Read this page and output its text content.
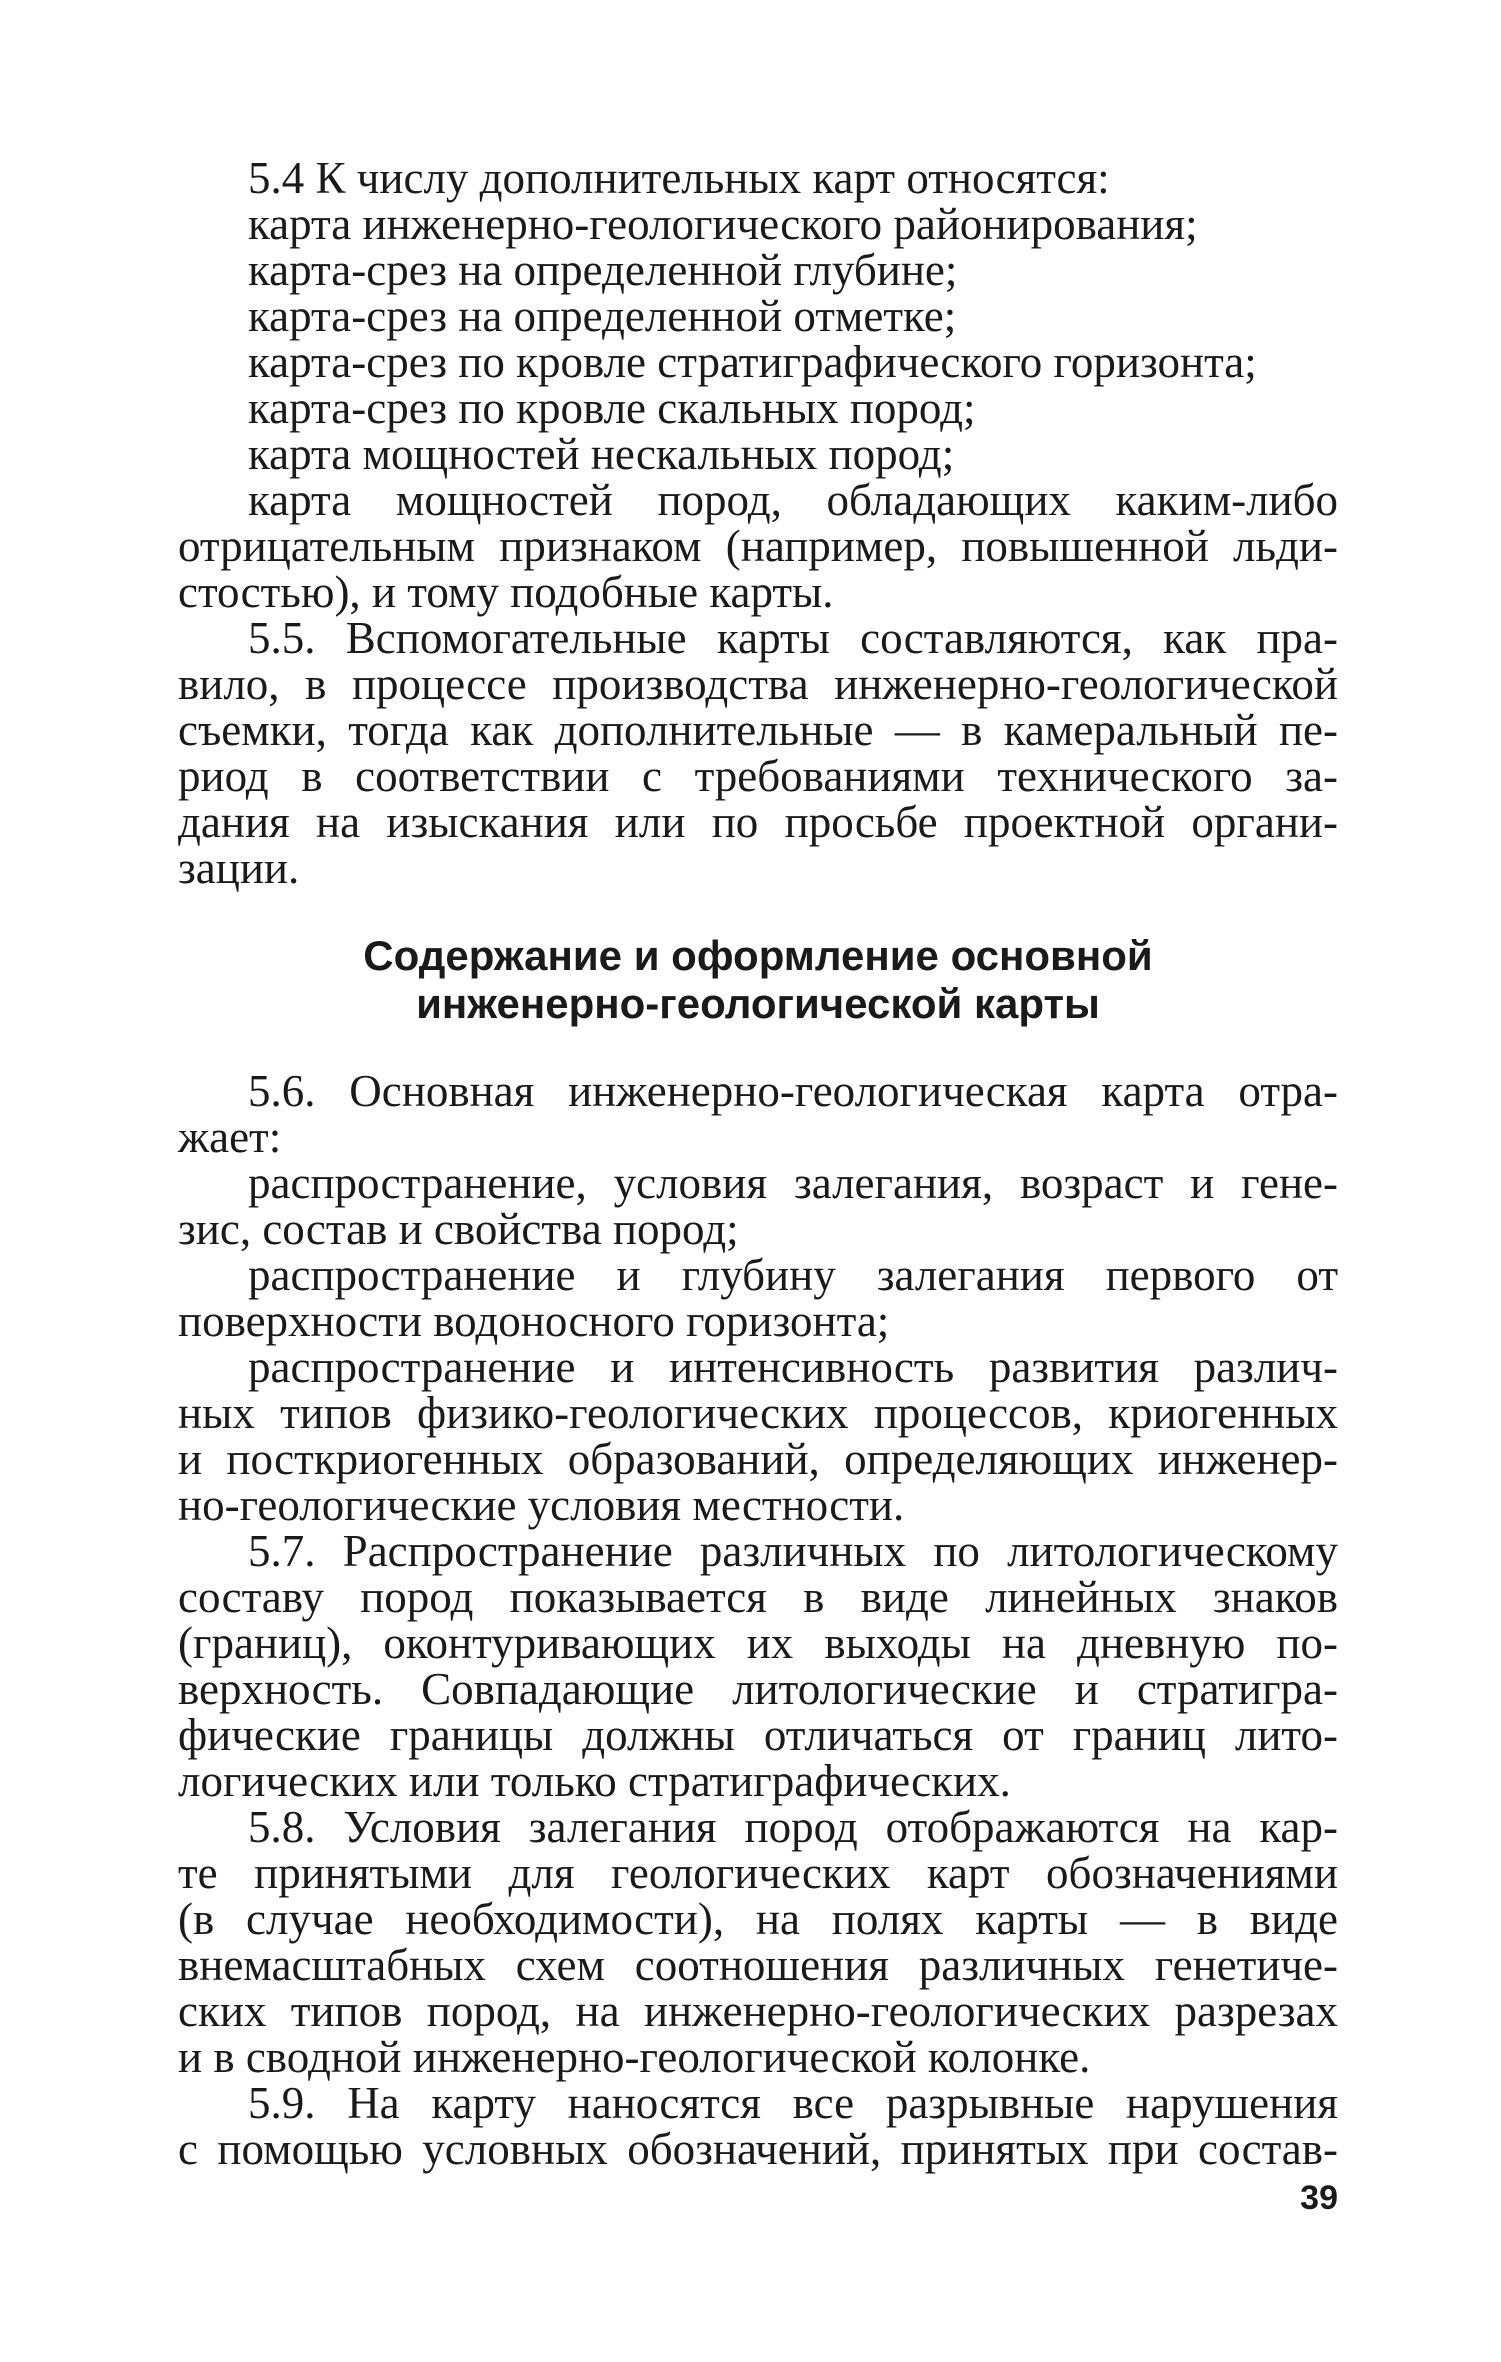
5.4 К числу дополнительных карт относятся:
карта инженерно-геологического районирования;
карта-срез на определенной глубине;
карта-срез на определенной отметке;
карта-срез по кровле стратиграфического горизонта;
карта-срез по кровле скальных пород;
карта мощностей нескальных пород;
карта мощностей пород, обладающих каким-либо
отрицательным признаком (например, повышенной льди-
стостью), и тому подобные карты.
5.5. Вспомогательные карты составляются, как пра-
вило, в процессе производства инженерно-геологической
съемки, тогда как дополнительные — в камеральный пе-
риод в соответствии с требованиями технического за-
дания на изыскания или по просьбе проектной органи-
зации.
Содержание и оформление основной
инженерно-геологической карты
5.6. Основная инженерно-геологическая карта отра-
жает:
распространение, условия залегания, возраст и гене-
зис, состав и свойства пород;
распространение и глубину залегания первого от
поверхности водоносного горизонта;
распространение и интенсивность развития различ-
ных типов физико-геологических процессов, криогенных
и посткриогенных образований, определяющих инженер-
но-геологические условия местности.
5.7. Распространение различных по литологическому
составу пород показывается в виде линейных знаков
(границ), оконтуривающих их выходы на дневную по-
верхность. Совпадающие литологические и стратигра-
фические границы должны отличаться от границ лито-
логических или только стратиграфических.
5.8. Условия залегания пород отображаются на кар-
те принятыми для геологических карт обозначениями
(в случае необходимости), на полях карты — в виде
внемасштабных схем соотношения различных генетиче-
ских типов пород, на инженерно-геологических разрезах
и в сводной инженерно-геологической колонке.
5.9. На карту наносятся все разрывные нарушения
с помощью условных обозначений, принятых при состав-
39
